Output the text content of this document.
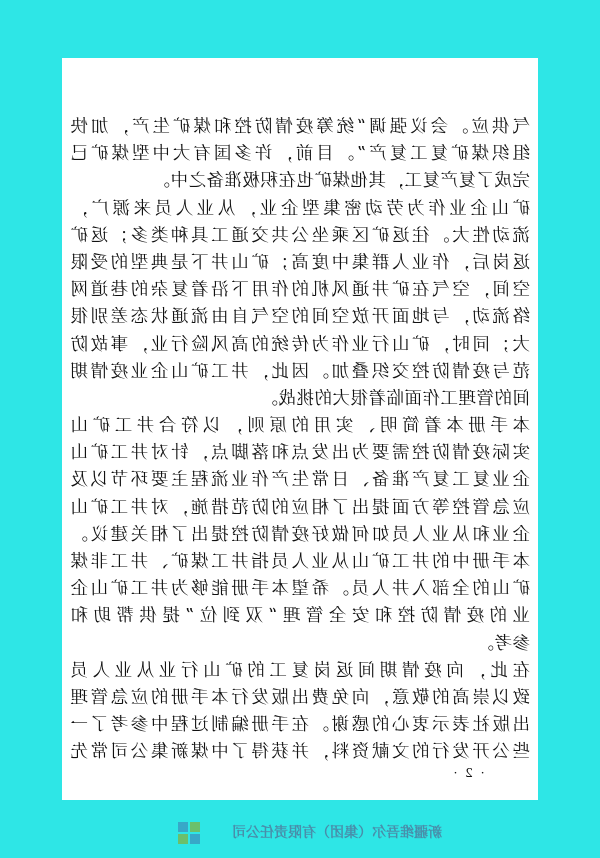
气供应。会议强调“统筹疫情防控和煤矿生产，加快
组织煤矿复工复产”。目前，许多国有大中型煤矿已
完成了复产复工，其他煤矿也在积极准备之中。
矿山企业作为劳动密集型企业，从业人员来源广，
流动性大。往返矿区乘坐公共交通工具种类多；返矿
返岗后，作业人群集中度高；矿山井下是典型的受限
空间，空气在矿井通风机的作用下沿着复杂的巷道网
络流动，与地面开放空间的空气自由流通状态差别很
大；同时，矿山行业作为传统的高风险行业，事故防
范与疫情防控交织叠加。因此，井工矿山企业疫情期
间的管理工作面临着很大的挑战。
本手册本着简明、实用的原则，以符合井工矿山
实际疫情防控需要为出发点和落脚点，针对井工矿山
企业复工复产准备、日常生产作业流程主要环节以及
应急管控等方面提出了相应的防范措施，对井工矿山
企业和从业人员如何做好疫情防控提出了相关建议。
本手册中的井工矿山从业人员指井工煤矿、井工非煤
矿山的全部入井人员。希望本手册能够为井工矿山企
业的疫情防控和安全管理“双到位”提供帮助和
参考。
在此，向疫情期间返岗复工的矿山行业从业人员
致以崇高的敬意，向免费出版发行本手册的应急管理
出版社表示衷心的感谢。在手册编制过程中参考了一
些公开发行的文献资料，并获得了中煤新集公司常先
· 2 ·
新疆维吾尔（集团）有限责任公司
